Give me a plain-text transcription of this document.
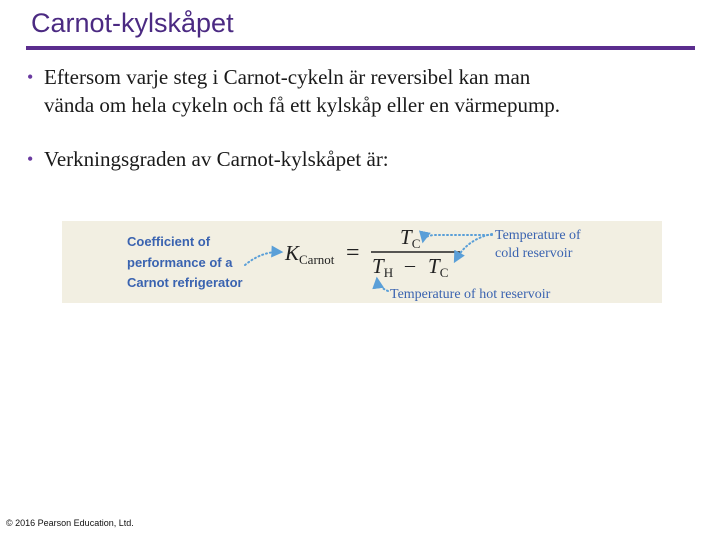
Carnot-kylskåpet
• Eftersom varje steg i Carnot-cykeln är reversibel kan man
vända om hela cykeln och få ett kylskåp eller en värmepump.
• Verkningsgraden av Carnot-kylskåpet är:
Coefficient of
performance of a
Carnot refrigerator
KCarnot =
TC
TH – TC
Temperature of
cold reservoir
Temperature of hot reservoir
© 2016 Pearson Education, Ltd.
